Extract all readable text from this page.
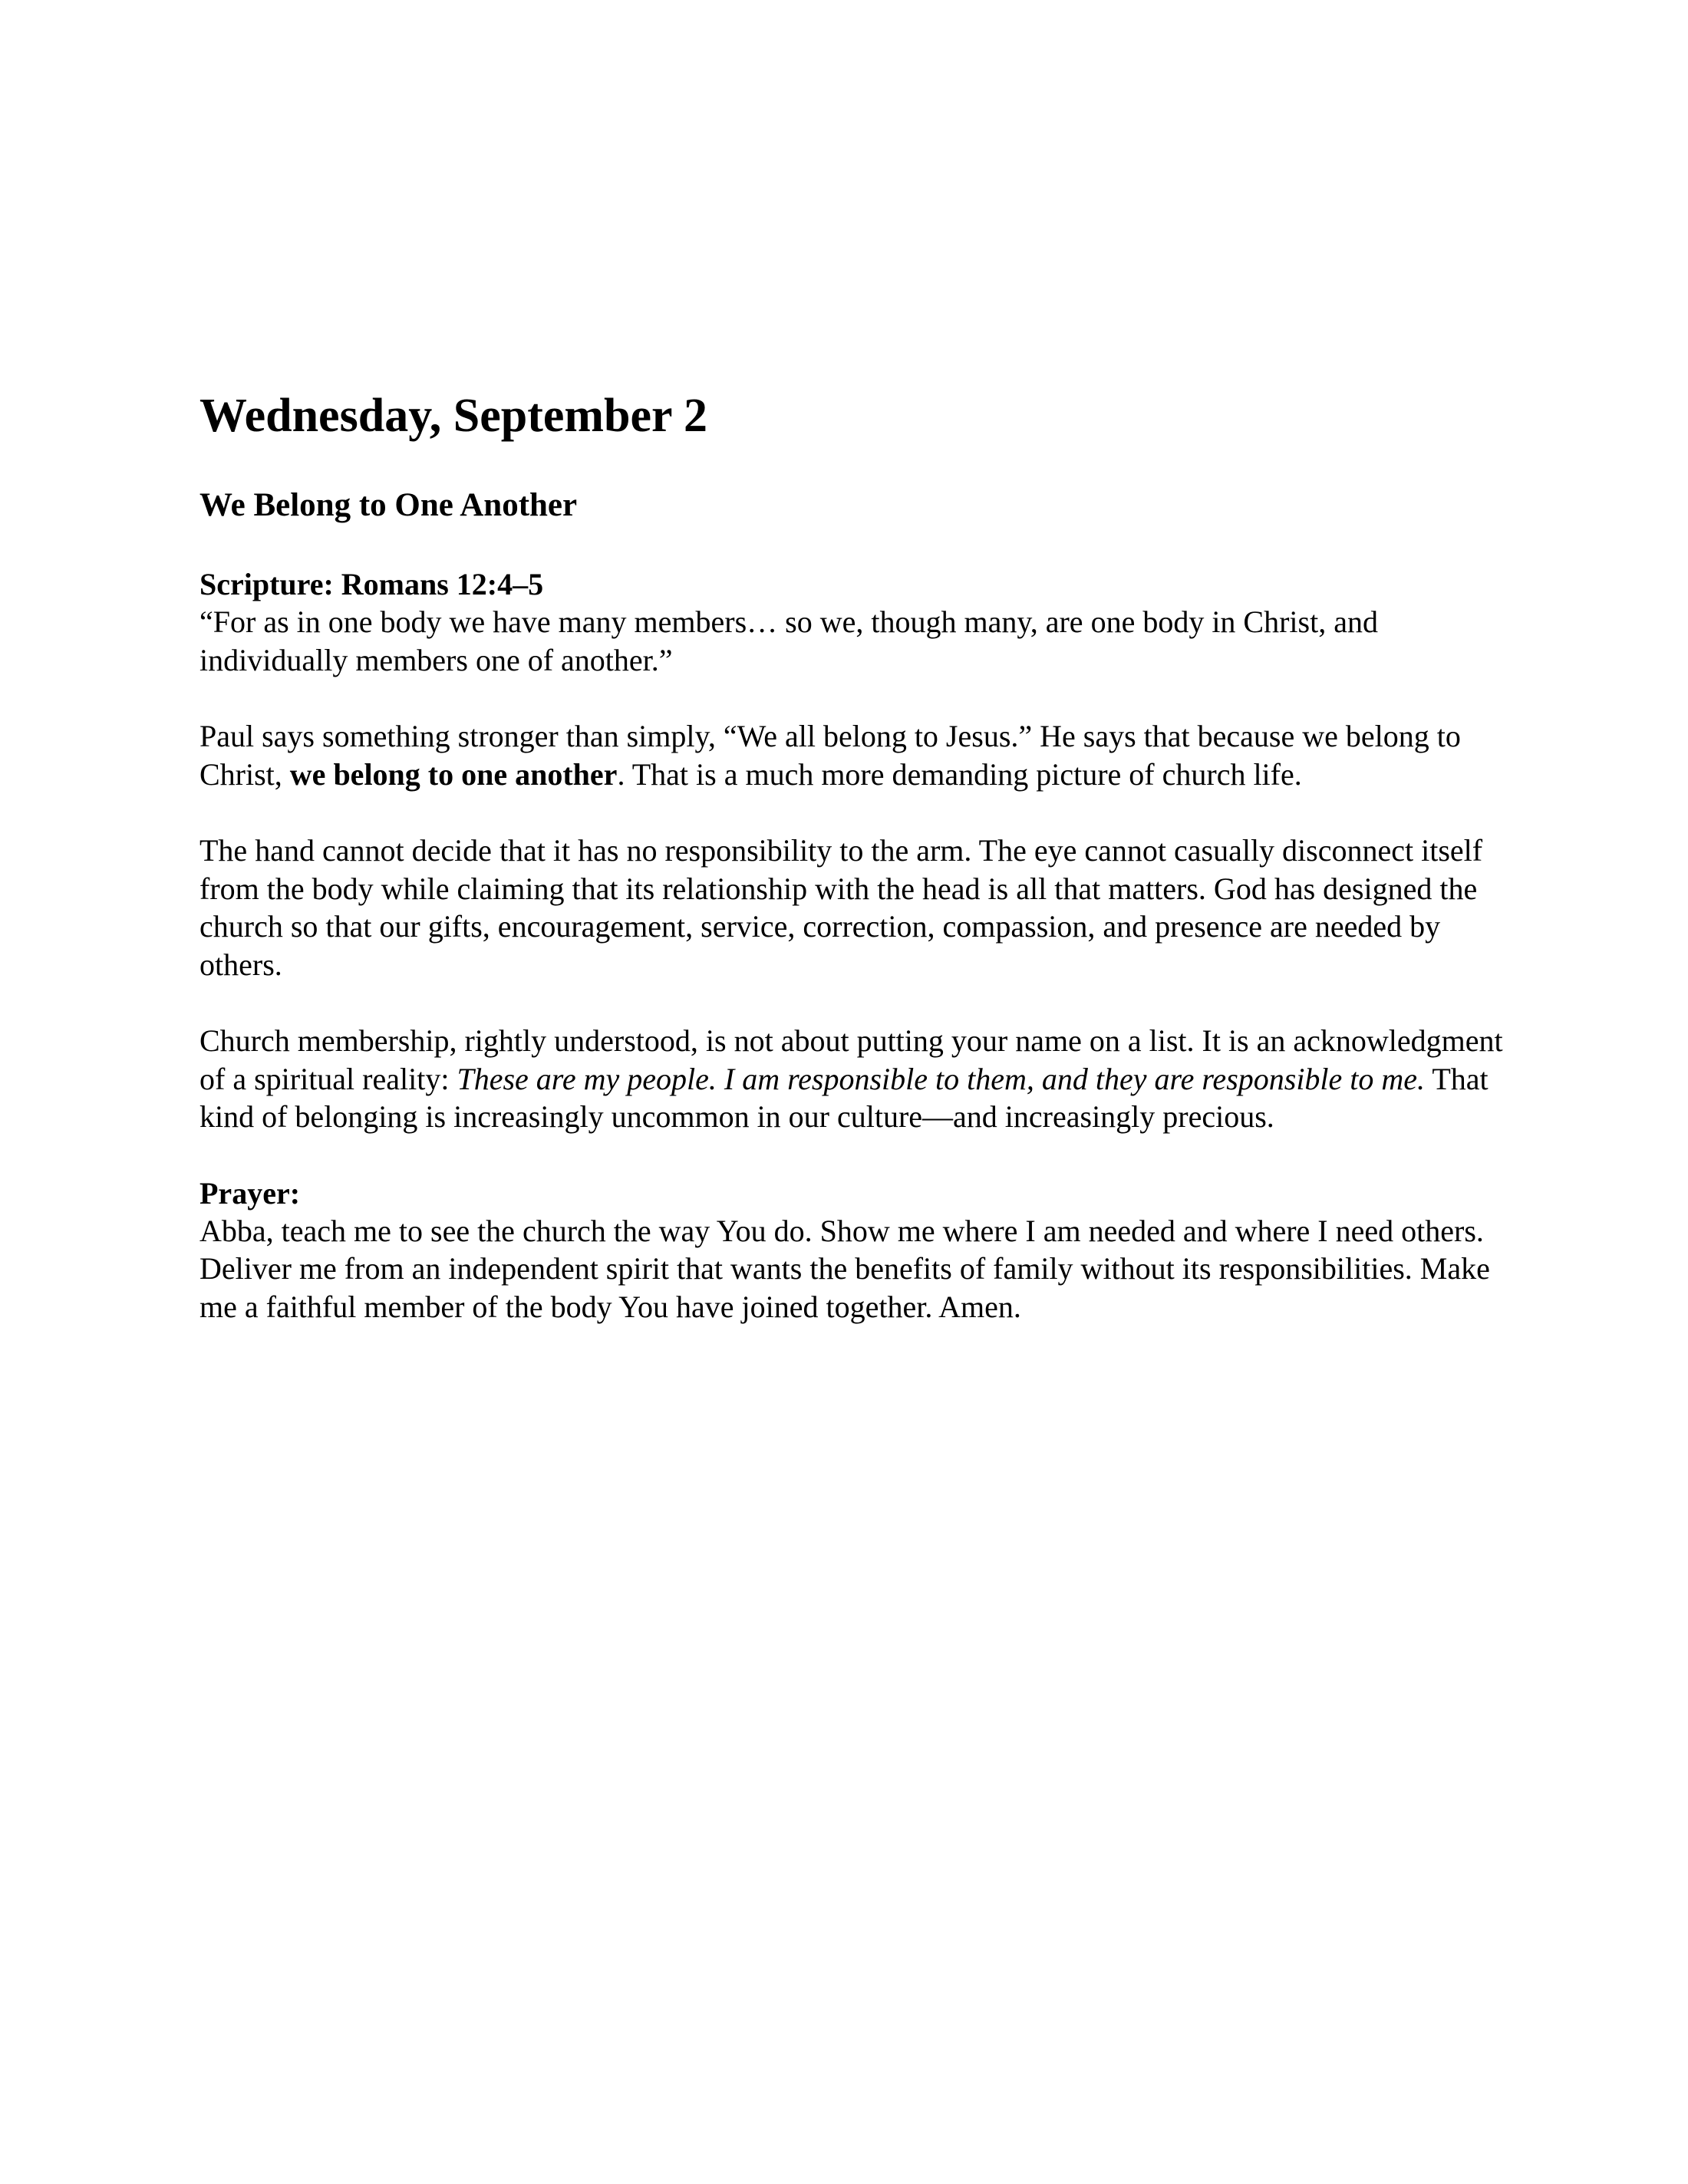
Wednesday, September 2
We Belong to One Another
Scripture: Romans 12:4–5

“For as in one body we have many members… so we, though many, are one body in Christ, and individually members one of another.”

Paul says something stronger than simply, “We all belong to Jesus.” He says that because we belong to Christ, we belong to one another. That is a much more demanding picture of church life.

The hand cannot decide that it has no responsibility to the arm. The eye cannot casually disconnect itself from the body while claiming that its relationship with the head is all that matters. God has designed the church so that our gifts, encouragement, service, correction, compassion, and presence are needed by others.

Church membership, rightly understood, is not about putting your name on a list. It is an acknowledgment of a spiritual reality: These are my people. I am responsible to them, and they are responsible to me. That kind of belonging is increasingly uncommon in our culture—and increasingly precious.

Prayer:

Abba, teach me to see the church the way You do. Show me where I am needed and where I need others. Deliver me from an independent spirit that wants the benefits of family without its responsibilities. Make me a faithful member of the body You have joined together. Amen.
